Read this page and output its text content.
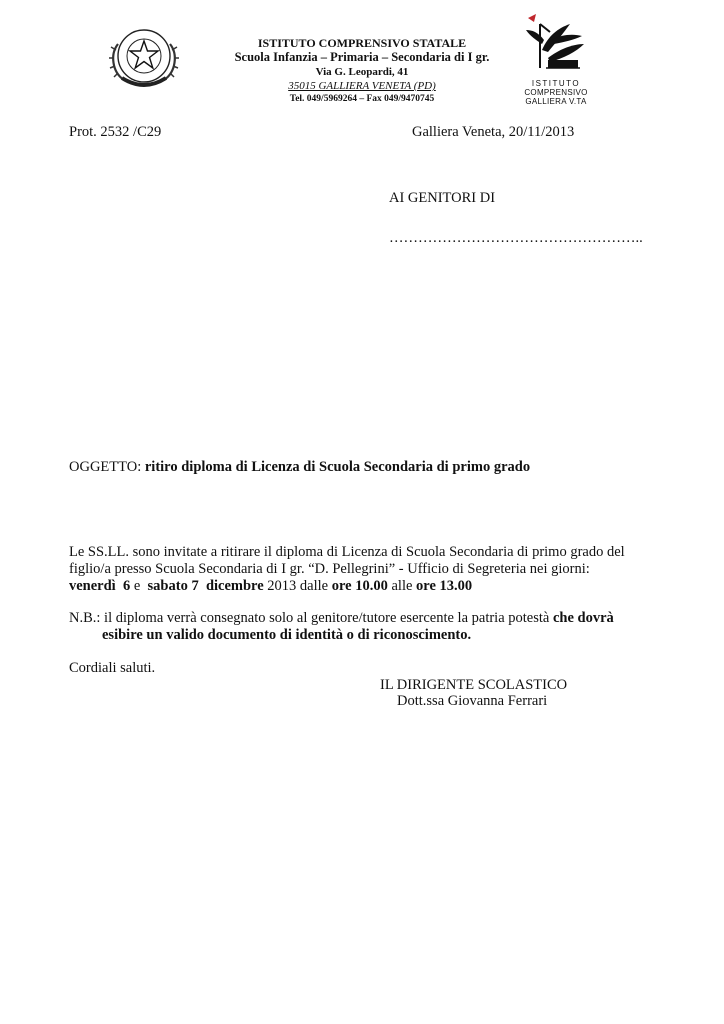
ISTITUTO COMPRENSIVO STATALE
Scuola Infanzia – Primaria – Secondaria di I gr.
Via G. Leopardi, 41
35015 GALLIERA VENETA (PD)
Tel. 049/5969264 – Fax 049/9470745
ISTITUTO
COMPRENSIVO
GALLIERA V.TA
Prot. 2532 /C29	Galliera Veneta, 20/11/2013
AI GENITORI DI
……………………………………………..
OGGETTO: ritiro diploma di Licenza di Scuola Secondaria di primo grado
Le SS.LL. sono invitate a ritirare il diploma di Licenza di Scuola Secondaria di primo grado del
figlio/a presso Scuola Secondaria di I gr. “D. Pellegrini” - Ufficio di Segreteria nei giorni:
venerdì  6 e  sabato 7  dicembre 2013 dalle ore 10.00 alle ore 13.00
N.B.: il diploma verrà consegnato solo al genitore/tutore esercente la patria potestà che dovrà
esibire un valido documento di identità o di riconoscimento.
Cordiali saluti.
IL DIRIGENTE SCOLASTICO
Dott.ssa Giovanna Ferrari
